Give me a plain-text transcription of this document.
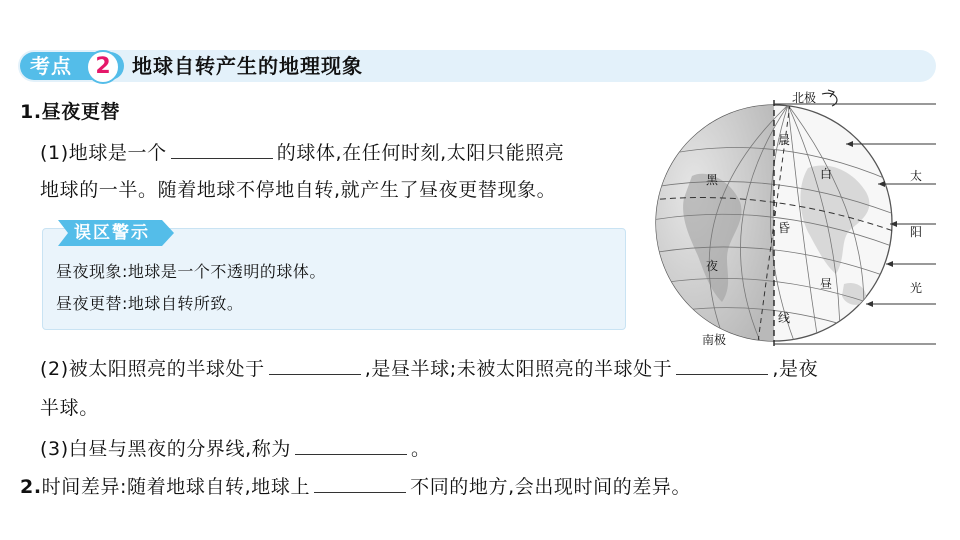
考点	2	地球自转产生的地理现象
1.昼夜更替
(1)地球是一个	的球体,在任何时刻,太阳只能照亮
地球的一半。随着地球不停地自转,就产生了昼夜更替现象。
误区警示
昼夜现象:地球是一个不透明的球体。
昼夜更替:地球自转所致。
(2)被太阳照亮的半球处于	,是昼半球;未被太阳照亮的半球处于	,是夜
半球。
(3)白昼与黑夜的分界线,称为	。
2.时间差异:随着地球自转,地球上	不同的地方,会出现时间的差异。
北极
南极
黑
夜
白
昼
晨
昏
线
太
阳
光
